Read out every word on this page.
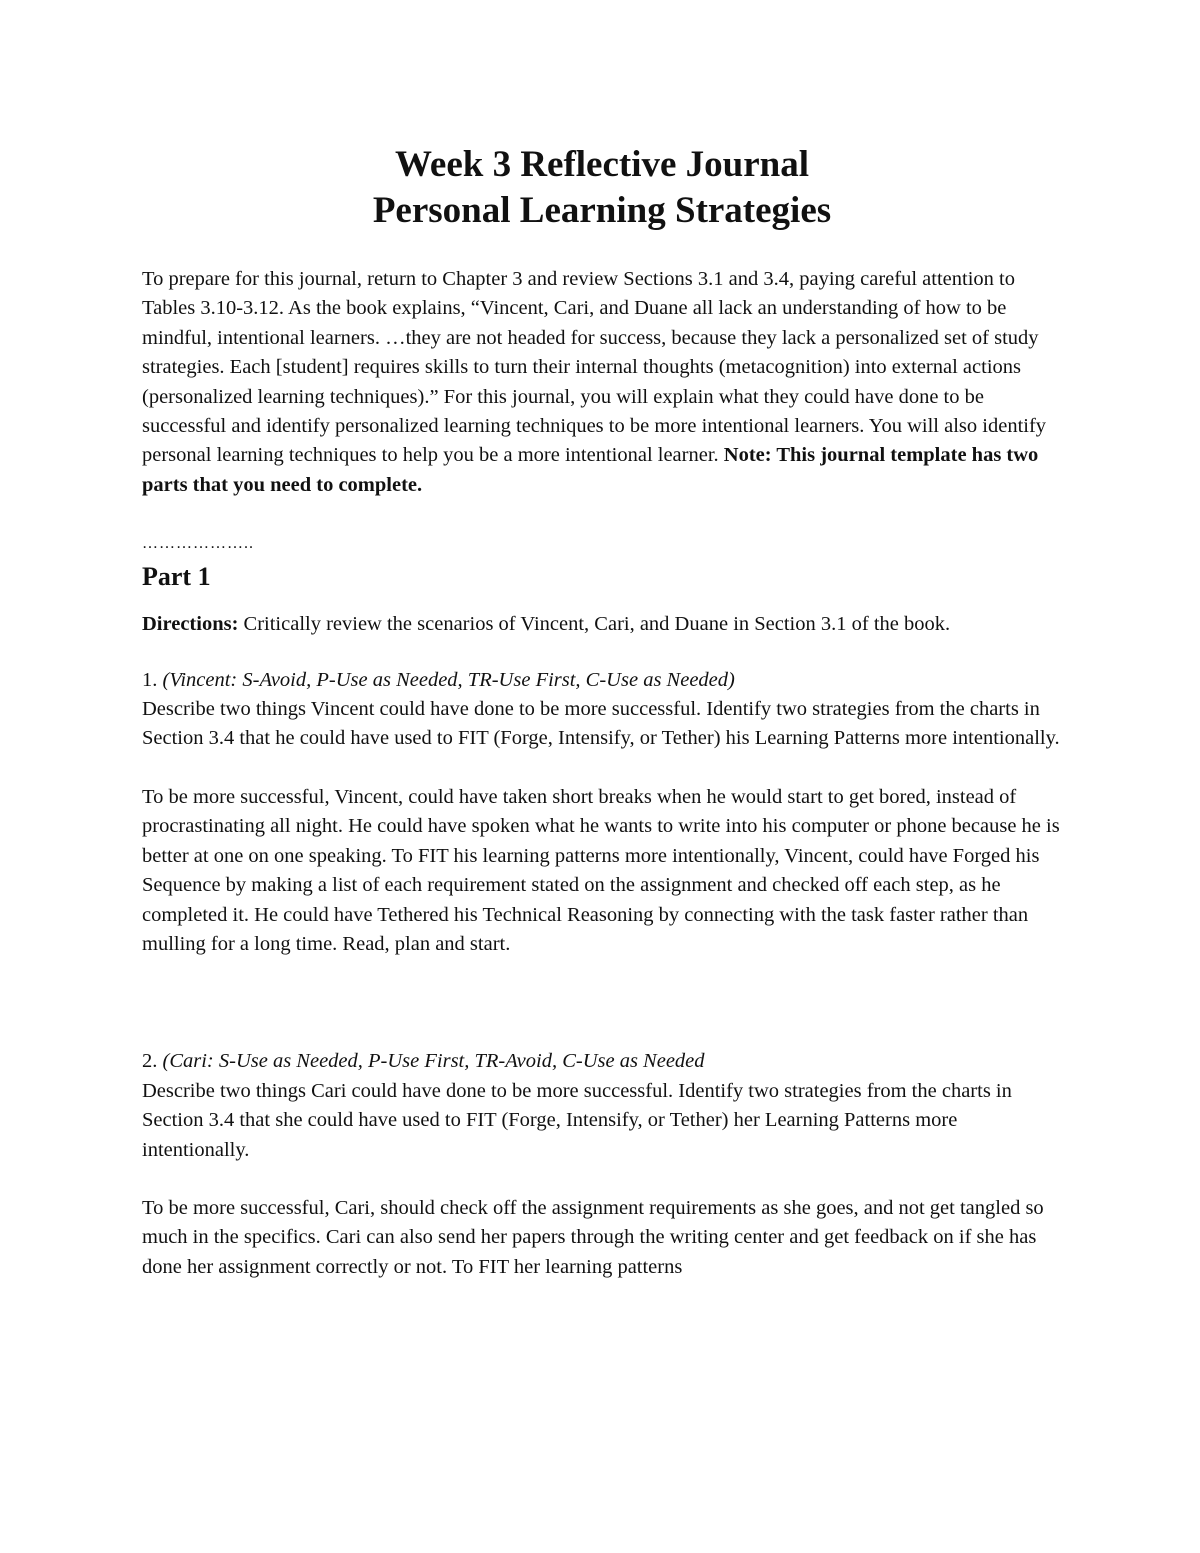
Week 3 Reflective Journal
Personal Learning Strategies

To prepare for this journal, return to Chapter 3 and review Sections 3.1 and 3.4, paying careful attention to Tables 3.10-3.12. As the book explains, “Vincent, Cari, and Duane all lack an understanding of how to be mindful, intentional learners. …they are not headed for success, because they lack a personalized set of study strategies. Each [student] requires skills to turn their internal thoughts (metacognition) into external actions (personalized learning techniques).” For this journal, you will explain what they could have done to be successful and identify personalized learning techniques to be more intentional learners. You will also identify personal learning techniques to help you be a more intentional learner. Note: This journal template has two parts that you need to complete.

………………..
Part 1

Directions: Critically review the scenarios of Vincent, Cari, and Duane in Section 3.1 of the book.

1. (Vincent: S-Avoid, P-Use as Needed, TR-Use First, C-Use as Needed)
Describe two things Vincent could have done to be more successful. Identify two strategies from the charts in Section 3.4 that he could have used to FIT (Forge, Intensify, or Tether) his Learning Patterns more intentionally.

To be more successful, Vincent, could have taken short breaks when he would start to get bored, instead of procrastinating all night. He could have spoken what he wants to write into his computer or phone because he is better at one on one speaking. To FIT his learning patterns more intentionally, Vincent, could have Forged his Sequence by making a list of each requirement stated on the assignment and checked off each step, as he completed it. He could have Tethered his Technical Reasoning by connecting with the task faster rather than mulling for a long time. Read, plan and start.

2. (Cari: S-Use as Needed, P-Use First, TR-Avoid, C-Use as Needed
Describe two things Cari could have done to be more successful. Identify two strategies from the charts in Section 3.4 that she could have used to FIT (Forge, Intensify, or Tether) her Learning Patterns more intentionally.

To be more successful, Cari, should check off the assignment requirements as she goes, and not get tangled so much in the specifics. Cari can also send her papers through the writing center and get feedback on if she has done her assignment correctly or not. To FIT her learning patterns
